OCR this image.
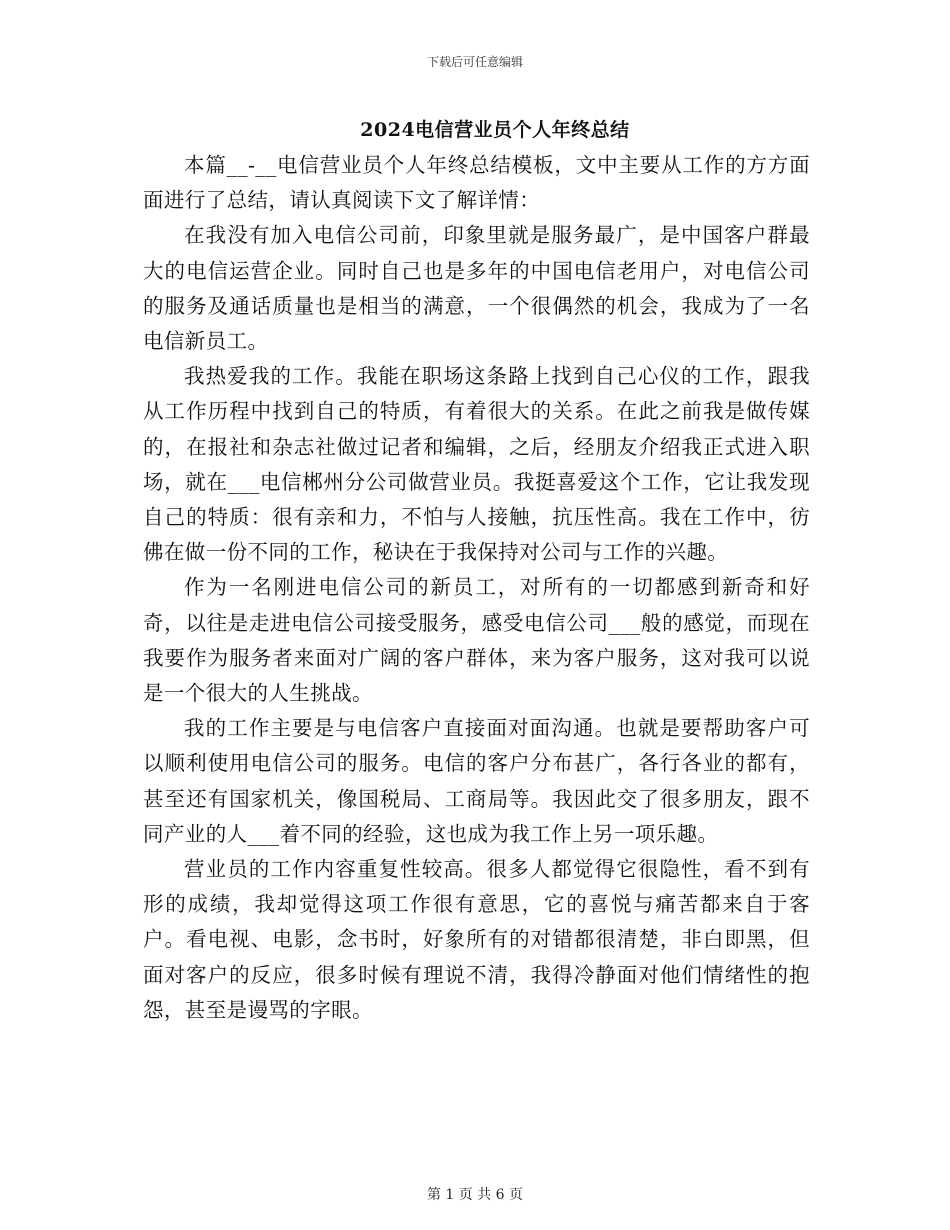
下载后可任意编辑
2024电信营业员个人年终总结

本篇__-__电信营业员个人年终总结模板，文中主要从工作的方方面面进行了总结，请认真阅读下文了解详情：

在我没有加入电信公司前，印象里就是服务最广，是中国客户群最大的电信运营企业。同时自己也是多年的中国电信老用户，对电信公司的服务及通话质量也是相当的满意，一个很偶然的机会，我成为了一名电信新员工。

我热爱我的工作。我能在职场这条路上找到自己心仪的工作，跟我从工作历程中找到自己的特质，有着很大的关系。在此之前我是做传媒的，在报社和杂志社做过记者和编辑，之后，经朋友介绍我正式进入职场，就在___电信郴州分公司做营业员。我挺喜爱这个工作，它让我发现自己的特质：很有亲和力，不怕与人接触，抗压性高。我在工作中，彷佛在做一份不同的工作，秘诀在于我保持对公司与工作的兴趣。

作为一名刚进电信公司的新员工，对所有的一切都感到新奇和好奇，以往是走进电信公司接受服务，感受电信公司___般的感觉，而现在我要作为服务者来面对广阔的客户群体，来为客户服务，这对我可以说是一个很大的人生挑战。

我的工作主要是与电信客户直接面对面沟通。也就是要帮助客户可以顺利使用电信公司的服务。电信的客户分布甚广，各行各业的都有，甚至还有国家机关，像国税局、工商局等。我因此交了很多朋友，跟不同产业的人___着不同的经验，这也成为我工作上另一项乐趣。

营业员的工作内容重复性较高。很多人都觉得它很隐性，看不到有形的成绩，我却觉得这项工作很有意思，它的喜悦与痛苦都来自于客户。看电视、电影，念书时，好象所有的对错都很清楚，非白即黑，但面对客户的反应，很多时候有理说不清，我得冷静面对他们情绪性的抱怨，甚至是谩骂的字眼。

第 1 页 共 6 页
